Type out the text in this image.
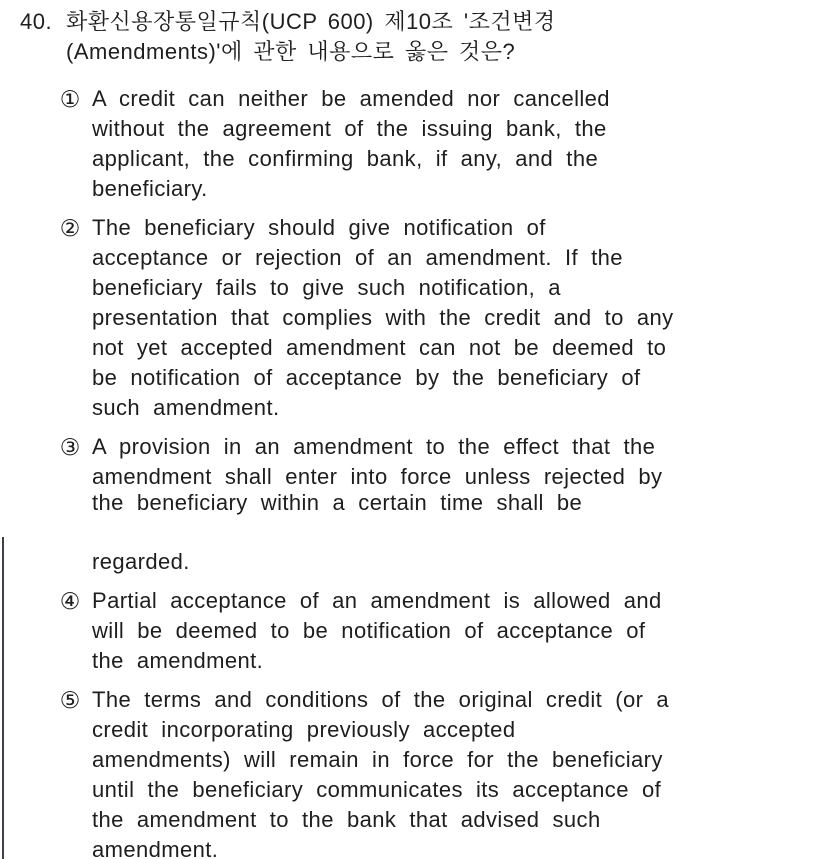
40. 화환신용장통일규칙(UCP 600) 제10조 '조건변경
(Amendments)'에 관한 내용으로 옳은 것은?
① A credit can neither be amended nor cancelled
without the agreement of the issuing bank, the
applicant, the confirming bank, if any, and the
beneficiary.
② The beneficiary should give notification of
acceptance or rejection of an amendment. If the
beneficiary fails to give such notification, a
presentation that complies with the credit and to any
not yet accepted amendment can not be deemed to
be notification of acceptance by the beneficiary of
such amendment.
③ A provision in an amendment to the effect that the
amendment shall enter into force unless rejected by
the beneficiary within a certain time shall be
regarded.
④ Partial acceptance of an amendment is allowed and
will be deemed to be notification of acceptance of
the amendment.
⑤ The terms and conditions of the original credit (or a
credit incorporating previously accepted
amendments) will remain in force for the beneficiary
until the beneficiary communicates its acceptance of
the amendment to the bank that advised such
amendment.
